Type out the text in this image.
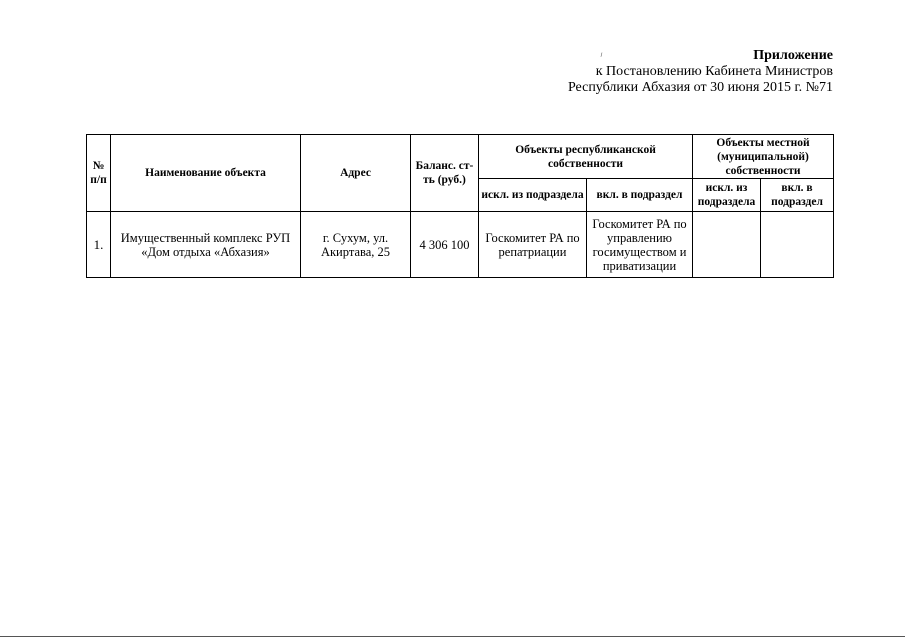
⸝	Приложение
к Постановлению Кабинета Министров
Республики Абхазия от 30 июня 2015 г. №71
№ п/п	Наименование объекта	Адрес	Баланс. ст-ть (руб.)	Объекты республиканской собственности		Объекты местной (муниципальной) собственности	
				искл. из подраздела	вкл. в подраздел	искл. из подраздела	вкл. в подраздел
1.	Имущественный комплекс РУП «Дом отдыха «Абхазия»	г. Сухум, ул. Акиртава, 25	4 306 100	Госкомитет РА по репатриации	Госкомитет РА по управлению госимуществом и приватизации		
